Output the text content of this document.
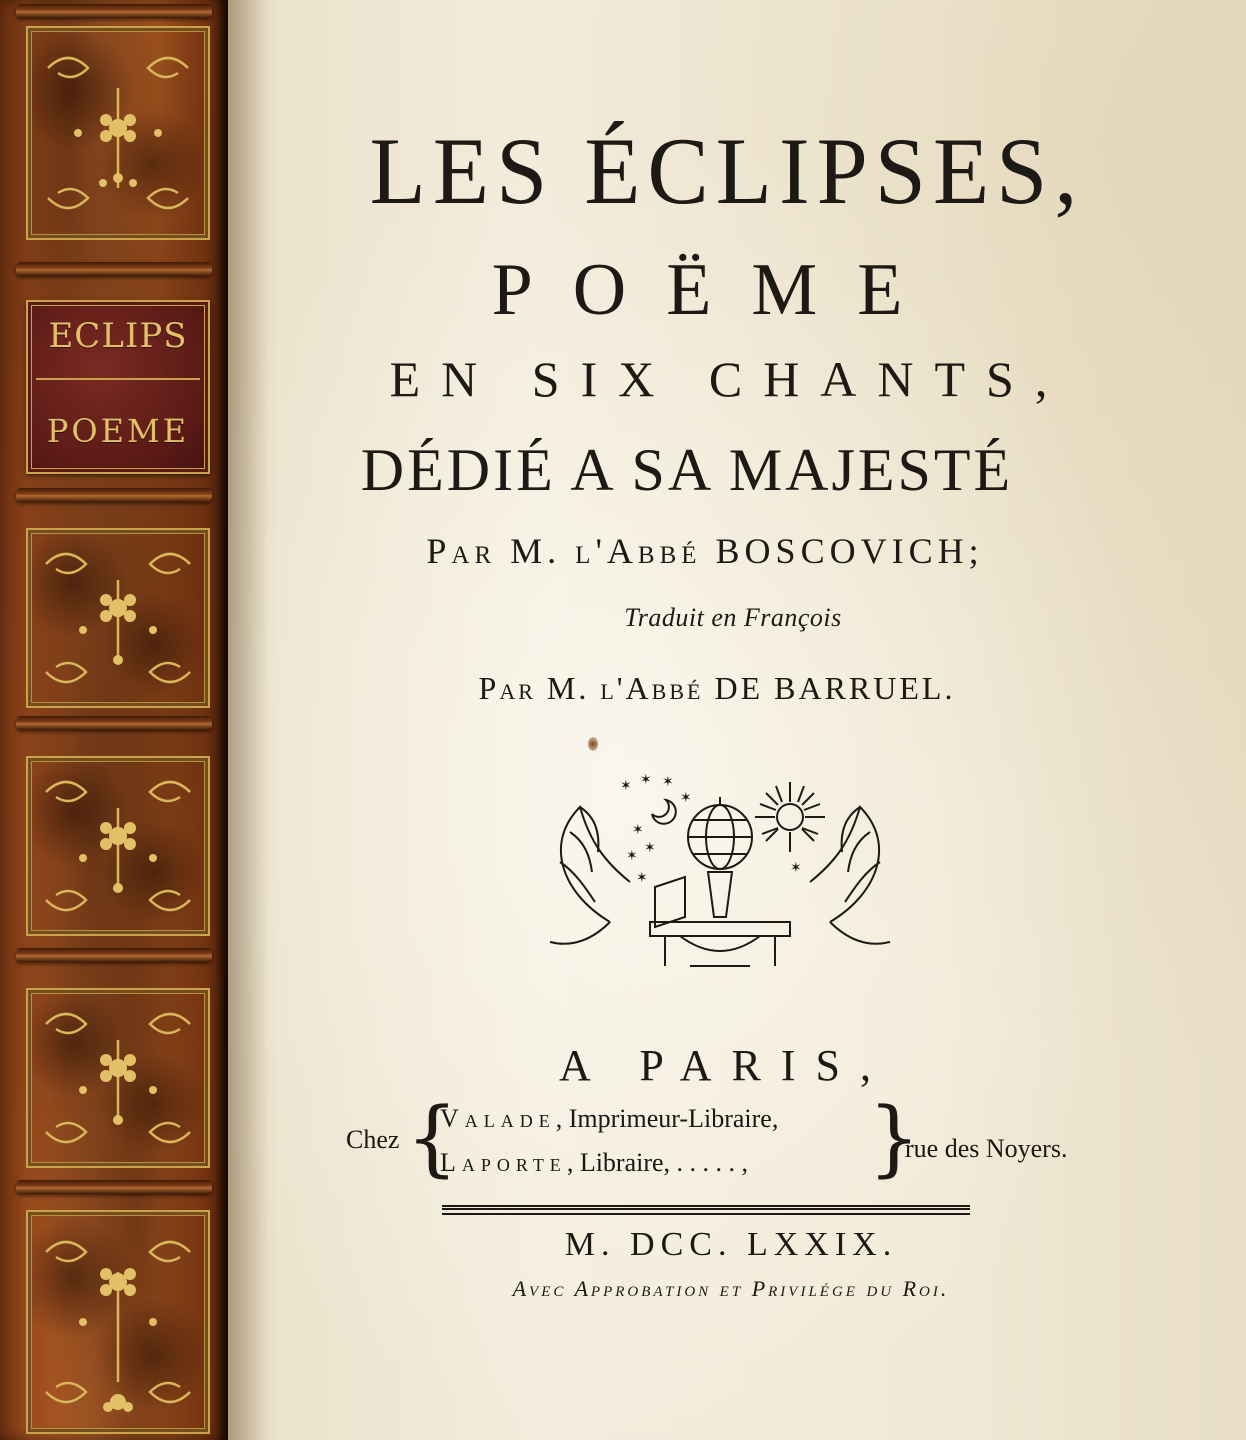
ECLIPS
POEME
LES ÉCLIPSES,
POËME
EN SIX CHANTS,
DÉDIÉ A SA MAJESTÉ
Par M. l'Abbé BOSCOVICH;
Traduit en François
Par M. l'Abbé DE BARRUEL.
✶ ✶ ✶
✶
✶
✶ ✶
✶
✶
A PARIS,
Chez {
Valade, Imprimeur-Libraire,
Laporte, Libraire, . . . . . , }
rue des Noyers.
M. DCC. LXXIX.
Avec Approbation et Privilége du Roi.
